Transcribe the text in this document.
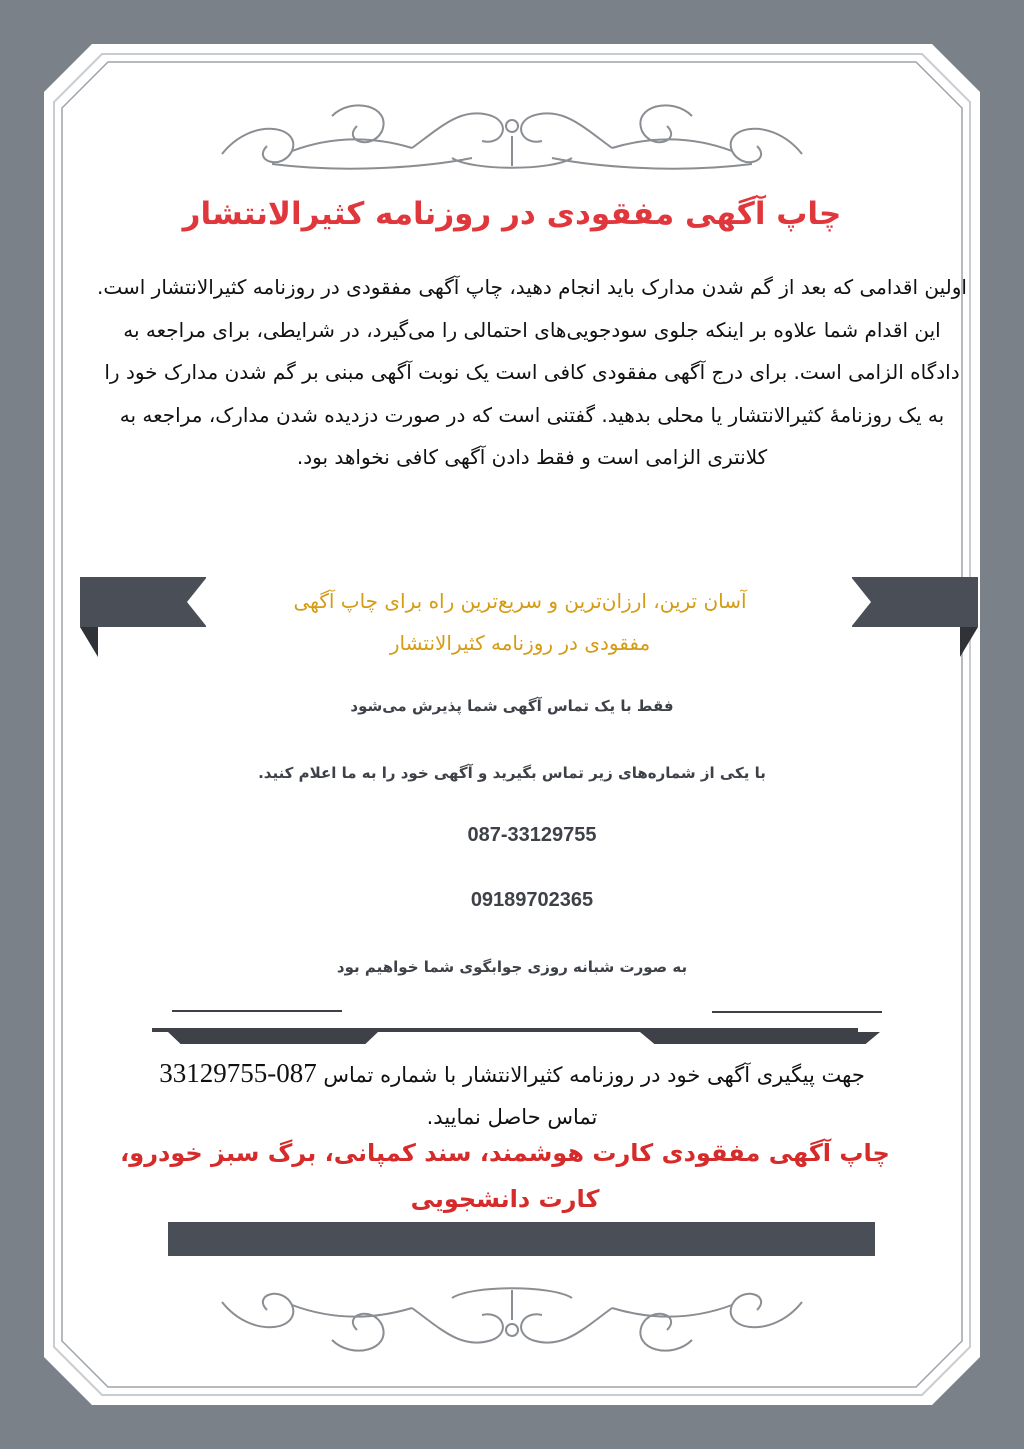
چاپ آگهی مفقودی در روزنامه کثیرالانتشار

اولین اقدامی که بعد از گم شدن مدارک باید انجام دهید، چاپ آگهی مفقودی در روزنامه کثیرالانتشار است. این اقدام شما علاوه بر اینکه جلوی سودجویی‌های احتمالی را می‌گیرد، در شرایطی، برای مراجعه به دادگاه الزامی است. برای درج آگهی مفقودی کافی است یک نوبت آگهی مبنی بر گم شدن مدارک خود را به یک روزنامهٔ کثیرالانتشار یا محلی بدهید. گفتنی است که در صورت دزدیده شدن مدارک، مراجعه به کلانتری الزامی است و فقط دادن آگهی کافی نخواهد بود.

آسان ترین، ارزان‌ترین و سریع‌ترین راه برای چاپ آگهی
مفقودی در روزنامه کثیرالانتشار

فقط با یک تماس آگهی شما پذیرش می‌شود

با یکی از شماره‌های زیر تماس بگیرید و آگهی خود را به ما اعلام کنید.

087-33129755

09189702365

به صورت شبانه روزی جوابگوی شما خواهیم بود

جهت پیگیری آگهی خود در روزنامه کثیرالانتشار با شماره تماس 087-33129755
تماس حاصل نمایید.

چاپ آگهی مفقودی کارت هوشمند، سند کمپانی، برگ سبز خودرو، کارت دانشجویی
